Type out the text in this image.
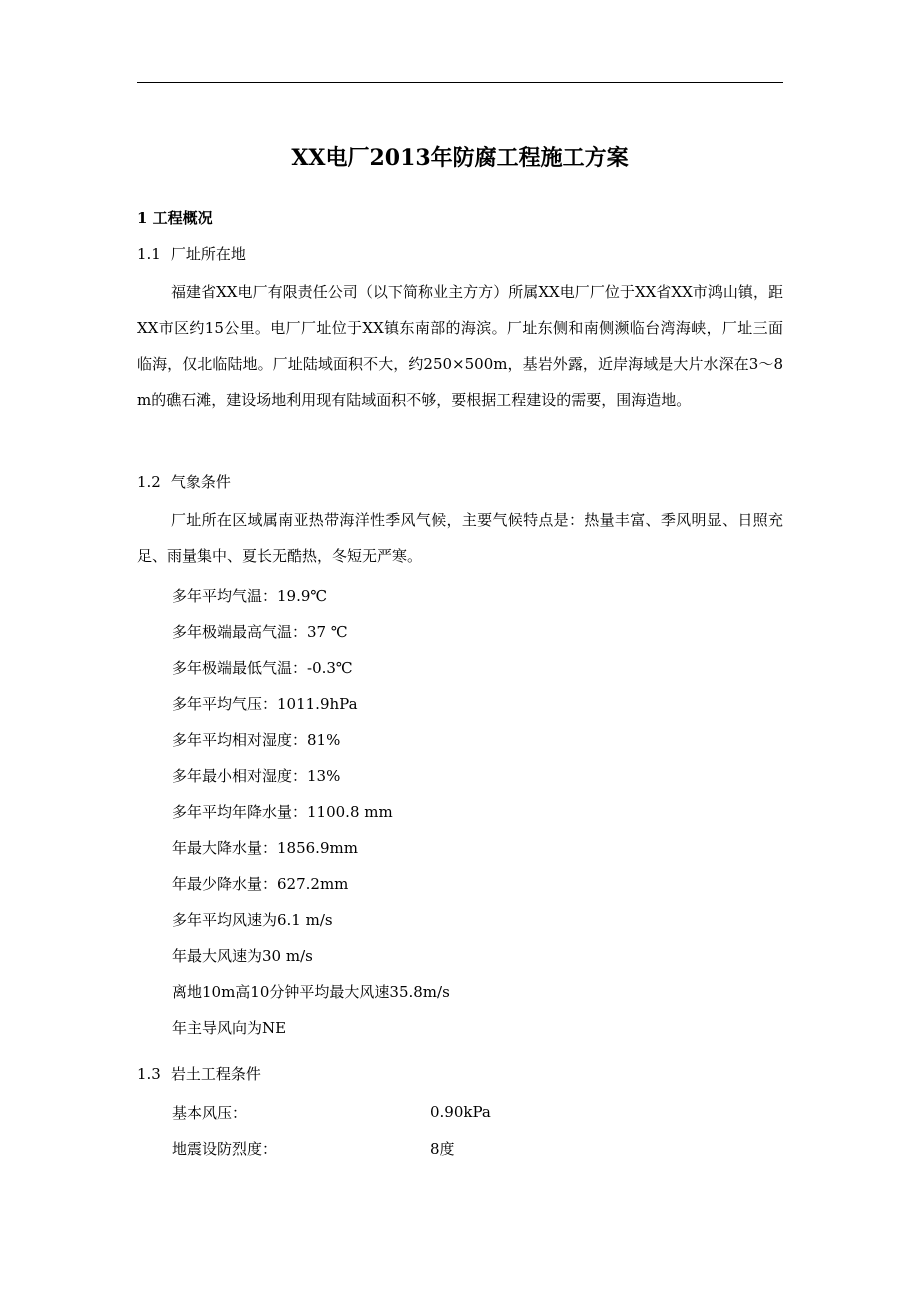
XX电厂2013年防腐工程施工方案
1 工程概况
1.1 厂址所在地

福建省XX电厂有限责任公司（以下简称业主方方）所属XX电厂厂位于XX省XX市鸿山镇，距XX市区约15公里。电厂厂址位于XX镇东南部的海滨。厂址东侧和南侧濒临台湾海峡，厂址三面临海，仅北临陆地。厂址陆域面积不大，约250×500m，基岩外露，近岸海域是大片水深在3～8m的礁石滩，建设场地利用现有陆域面积不够，要根据工程建设的需要，围海造地。

1.2 气象条件

厂址所在区域属南亚热带海洋性季风气候，主要气候特点是：热量丰富、季风明显、日照充足、雨量集中、夏长无酷热，冬短无严寒。

多年平均气温：19.9℃
多年极端最高气温：37 ℃
多年极端最低气温：-0.3℃
多年平均气压：1011.9hPa
多年平均相对湿度：81%
多年最小相对湿度：13%
多年平均年降水量：1100.8 mm
年最大降水量：1856.9mm
年最少降水量：627.2mm
多年平均风速为6.1 m/s
年最大风速为30 m/s
离地10m高10分钟平均最大风速35.8m/s
年主导风向为NE
1.3 岩土工程条件
基本风压：	0.90kPa
地震设防烈度：	8度
